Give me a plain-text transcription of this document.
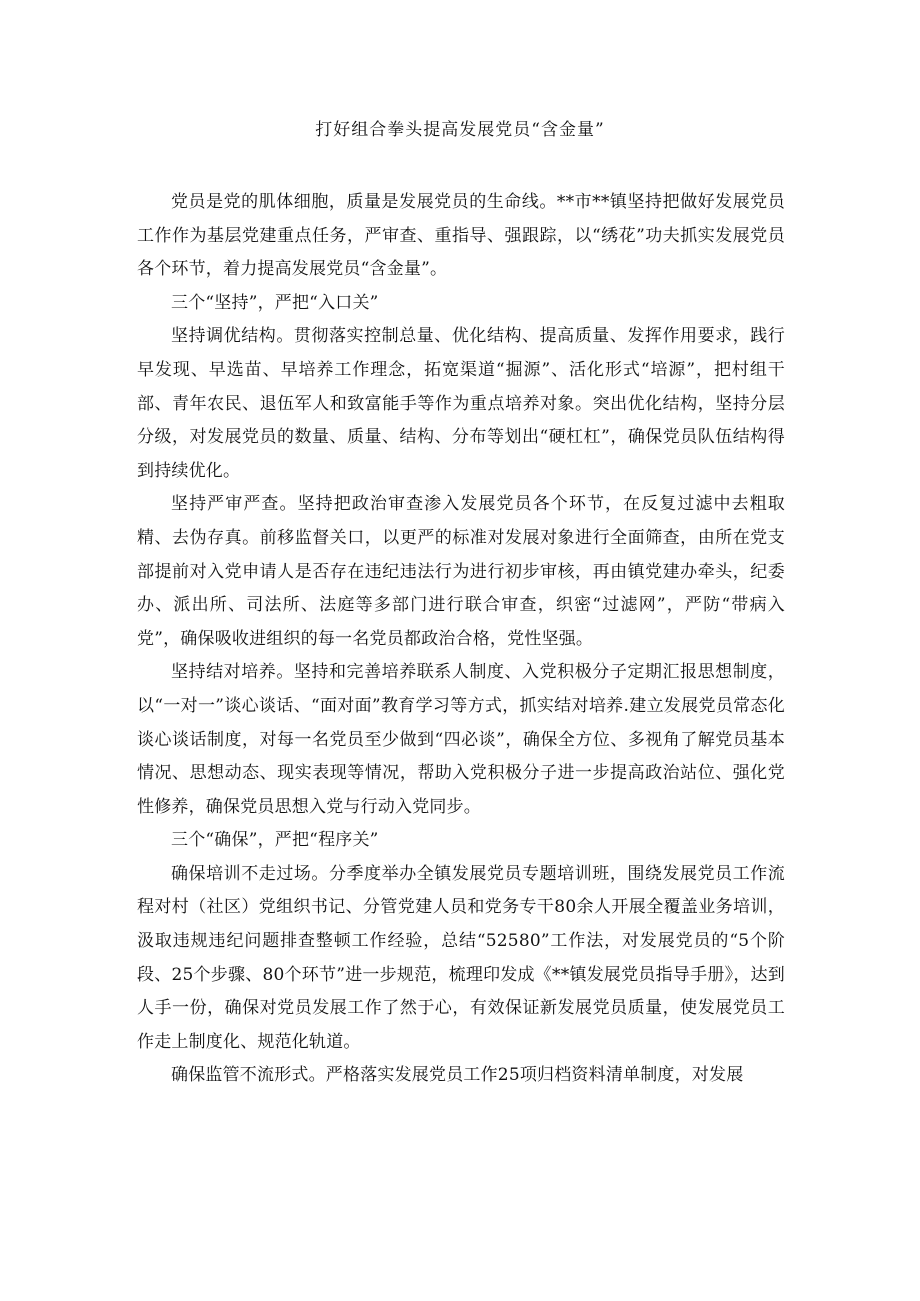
打好组合拳头提高发展党员“含金量”

党员是党的肌体细胞，质量是发展党员的生命线。**市**镇坚持把做好发展党员工作作为基层党建重点任务，严审查、重指导、强跟踪，以“绣花”功夫抓实发展党员各个环节，着力提高发展党员“含金量”。

三个“坚持”，严把“入口关”

坚持调优结构。贯彻落实控制总量、优化结构、提高质量、发挥作用要求，践行早发现、早选苗、早培养工作理念，拓宽渠道“掘源”、活化形式“培源”，把村组干部、青年农民、退伍军人和致富能手等作为重点培养对象。突出优化结构，坚持分层分级，对发展党员的数量、质量、结构、分布等划出“硬杠杠”，确保党员队伍结构得到持续优化。

坚持严审严查。坚持把政治审查渗入发展党员各个环节，在反复过滤中去粗取精、去伪存真。前移监督关口，以更严的标准对发展对象进行全面筛查，由所在党支部提前对入党申请人是否存在违纪违法行为进行初步审核，再由镇党建办牵头，纪委办、派出所、司法所、法庭等多部门进行联合审查，织密“过滤网”，严防“带病入党”，确保吸收进组织的每一名党员都政治合格，党性坚强。

坚持结对培养。坚持和完善培养联系人制度、入党积极分子定期汇报思想制度，以“一对一”谈心谈话、“面对面”教育学习等方式，抓实结对培养.建立发展党员常态化谈心谈话制度，对每一名党员至少做到“四必谈”，确保全方位、多视角了解党员基本情况、思想动态、现实表现等情况，帮助入党积极分子进一步提高政治站位、强化党性修养，确保党员思想入党与行动入党同步。

三个“确保”，严把“程序关”

确保培训不走过场。分季度举办全镇发展党员专题培训班，围绕发展党员工作流程对村（社区）党组织书记、分管党建人员和党务专干80余人开展全覆盖业务培训，汲取违规违纪问题排查整顿工作经验，总结“52580”工作法，对发展党员的“5个阶段、25个步骤、80个环节”进一步规范，梳理印发成《**镇发展党员指导手册》，达到人手一份，确保对党员发展工作了然于心，有效保证新发展党员质量，使发展党员工作走上制度化、规范化轨道。

确保监管不流形式。严格落实发展党员工作25项归档资料清单制度，对发展
